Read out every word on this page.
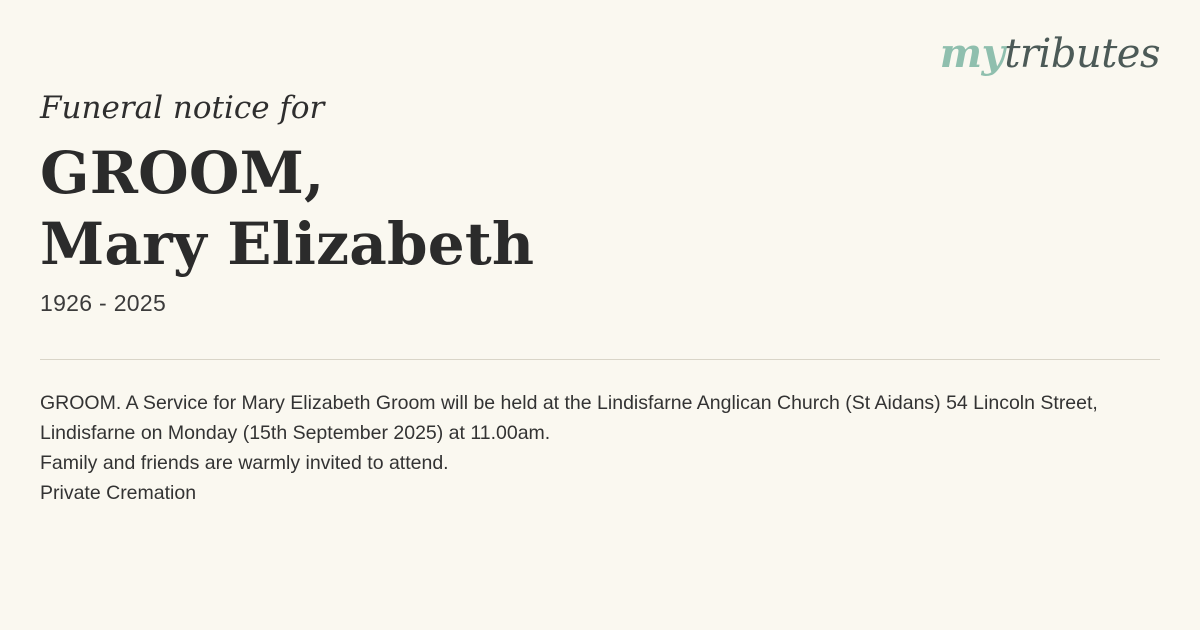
mytributes
Funeral notice for
GROOM,
Mary Elizabeth
1926 - 2025

GROOM. A Service for Mary Elizabeth Groom will be held at the Lindisfarne Anglican Church (St Aidans) 54 Lincoln Street, Lindisfarne on Monday (15th September 2025) at 11.00am.

Family and friends are warmly invited to attend.

Private Cremation
